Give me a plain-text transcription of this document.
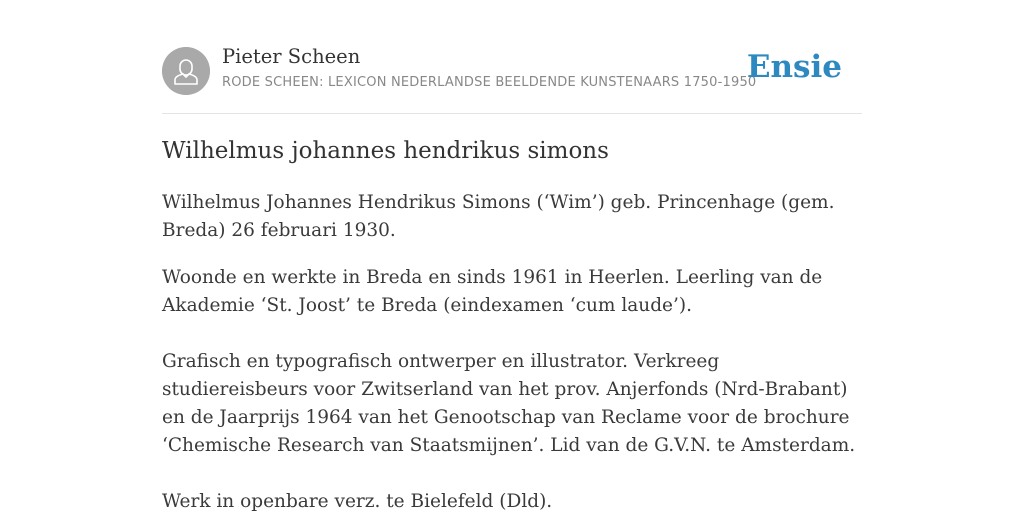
Pieter Scheen
RODE SCHEEN: LEXICON NEDERLANDSE BEELDENDE KUNSTENAARS 1750-1950
Ensie
Wilhelmus johannes hendrikus simons

Wilhelmus Johannes Hendrikus Simons (‘Wim’) geb. Princenhage (gem. Breda) 26 februari 1930.

Woonde en werkte in Breda en sinds 1961 in Heerlen. Leerling van de Akademie ‘St. Joost’ te Breda (eindexamen ‘cum laude’).

Grafisch en typografisch ontwerper en illustrator. Verkreeg studiereisbeurs voor Zwitserland van het prov. Anjerfonds (Nrd-Brabant) en de Jaarprijs 1964 van het Genootschap van Reclame voor de brochure ‘Chemische Research van Staatsmijnen’. Lid van de G.V.N. te Amsterdam.

Werk in openbare verz. te Bielefeld (Dld).
